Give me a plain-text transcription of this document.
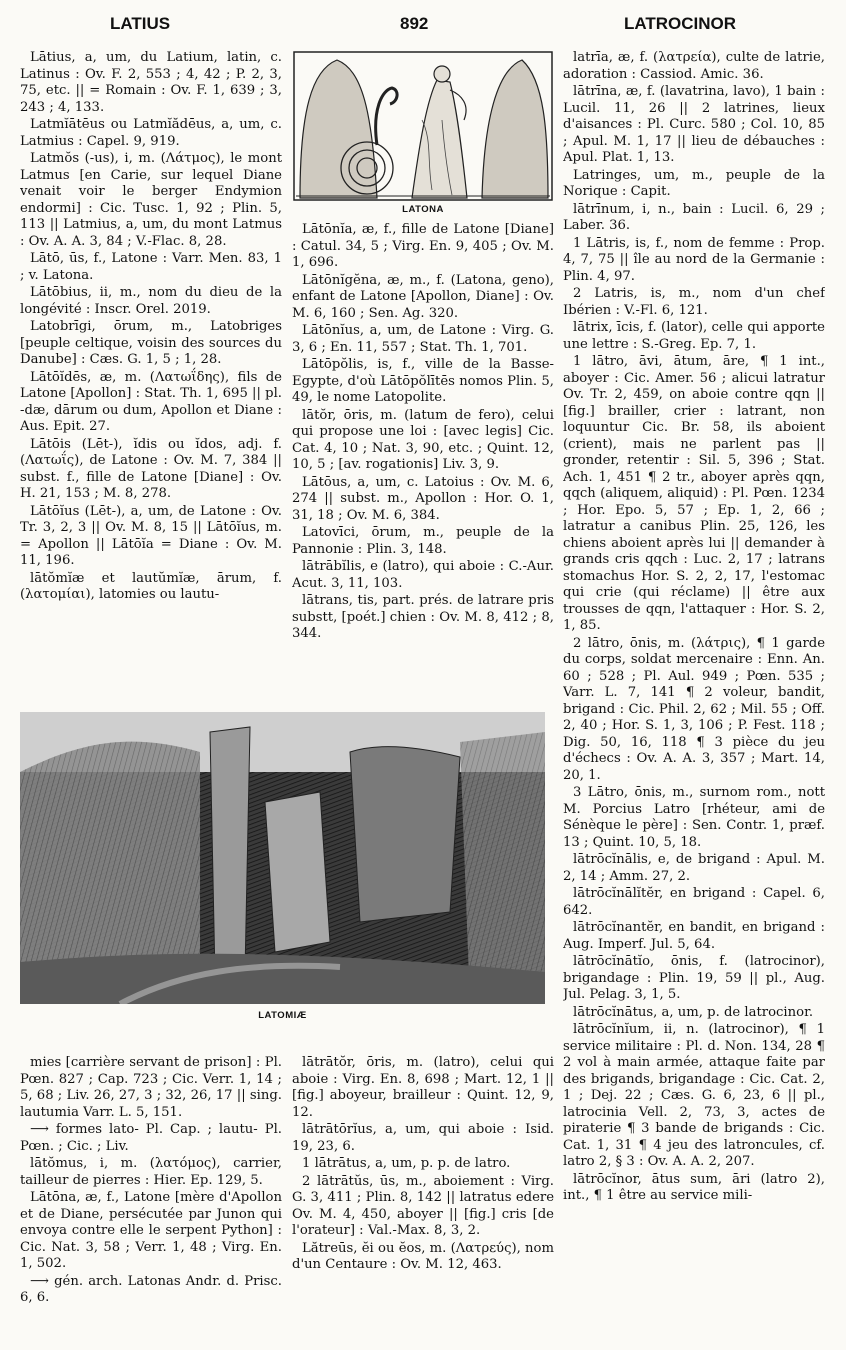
LATIUS	892	LATROCINOR

Lātius, a, um, du Latium, latin, c. Latinus : Ov. F. 2, 553 ; 4, 42 ; P. 2, 3, 75, etc. || = Romain : Ov. F. 1, 639 ; 3, 243 ; 4, 133.

Latmĭātēus ou Latmĭădēus, a, um, c. Latmius : Capel. 9, 919.

Latmŏs (-us), i, m. (Λάτμος), le mont Latmus [en Carie, sur lequel Diane venait voir le berger Endymion endormi] : Cic. Tusc. 1, 92 ; Plin. 5, 113 || Latmius, a, um, du mont Latmus : Ov. A. A. 3, 84 ; V.-Flac. 8, 28.

Lātō, ūs, f., Latone : Varr. Men. 83, 1 ; v. Latona.

Lātōbius, ii, m., nom du dieu de la longévité : Inscr. Orel. 2019.

Latobrīgi, ōrum, m., Latobriges [peuple celtique, voisin des sources du Danube] : Cæs. G. 1, 5 ; 1, 28.

Lātōĭdēs, æ, m. (Λατωΐδης), fils de Latone [Apollon] : Stat. Th. 1, 695 || pl. -dæ, dārum ou dum, Apollon et Diane : Aus. Epit. 27.

Lātōis (Lēt-), ĭdis ou ĭdos, adj. f. (Λατωΐς), de Latone : Ov. M. 7, 384 || subst. f., fille de Latone [Diane] : Ov. H. 21, 153 ; M. 8, 278.

Lātōĭus (Lēt-), a, um, de Latone : Ov. Tr. 3, 2, 3 || Ov. M. 8, 15 || Lātōĭus, m. = Apollon || Lātōĭa = Diane : Ov. M. 11, 196.

lātŏmĭæ et lautŭmĭæ, ārum, f. (λατομίαι), latomies ou lautu-

LATONA

Lātōnĭa, æ, f., fille de Latone [Diane] : Catul. 34, 5 ; Virg. En. 9, 405 ; Ov. M. 1, 696.

Lātōnĭgĕna, æ, m., f. (Latona, geno), enfant de Latone [Apollon, Diane] : Ov. M. 6, 160 ; Sen. Ag. 320.

Lātōnĭus, a, um, de Latone : Virg. G. 3, 6 ; En. 11, 557 ; Stat. Th. 1, 701.

Lātōpŏlis, is, f., ville de la Basse-Egypte, d'où Lātōpŏlītēs nomos Plin. 5, 49, le nome Latopolite.

lātŏr, ōris, m. (latum de fero), celui qui propose une loi : [avec legis] Cic. Cat. 4, 10 ; Nat. 3, 90, etc. ; Quint. 12, 10, 5 ; [av. rogationis] Liv. 3, 9.

Lātōus, a, um, c. Latoius : Ov. M. 6, 274 || subst. m., Apollon : Hor. O. 1, 31, 18 ; Ov. M. 6, 384.

Latovīci, ōrum, m., peuple de la Pannonie : Plin. 3, 148.

lātrābĭlis, e (latro), qui aboie : C.-Aur. Acut. 3, 11, 103.

lātrans, tis, part. prés. de latrare pris substt, [poét.] chien : Ov. M. 8, 412 ; 8, 344.

latrīa, æ, f. (λατρεία), culte de latrie, adoration : Cassiod. Amic. 36.

lātrīna, æ, f. (lavatrina, lavo), 1 bain : Lucil. 11, 26 || 2 latrines, lieux d'aisances : Pl. Curc. 580 ; Col. 10, 85 ; Apul. M. 1, 17 || lieu de débauches : Apul. Plat. 1, 13.

Latringes, um, m., peuple de la Norique : Capit.

lātrīnum, i, n., bain : Lucil. 6, 29 ; Laber. 36.

1 Lātris, is, f., nom de femme : Prop. 4, 7, 75 || île au nord de la Germanie : Plin. 4, 97.

2 Latris, is, m., nom d'un chef Ibérien : V.-Fl. 6, 121.

lātrix, īcis, f. (lator), celle qui apporte une lettre : S.-Greg. Ep. 7, 1.

1 lātro, āvi, ātum, āre, ¶ 1 int., aboyer : Cic. Amer. 56 ; alicui latratur Ov. Tr. 2, 459, on aboie contre qqn || [fig.] brailler, crier : latrant, non loquuntur Cic. Br. 58, ils aboient (crient), mais ne parlent pas || gronder, retentir : Sil. 5, 396 ; Stat. Ach. 1, 451 ¶ 2 tr., aboyer après qqn, qqch (aliquem, aliquid) : Pl. Pœn. 1234 ; Hor. Epo. 5, 57 ; Ep. 1, 2, 66 ; latratur a canibus Plin. 25, 126, les chiens aboient après lui || demander à grands cris qqch : Luc. 2, 17 ; latrans stomachus Hor. S. 2, 2, 17, l'estomac qui crie (qui réclame) || être aux trousses de qqn, l'attaquer : Hor. S. 2, 1, 85.

2 lātro, ōnis, m. (λάτρις), ¶ 1 garde du corps, soldat mercenaire : Enn. An. 60 ; 528 ; Pl. Aul. 949 ; Pœn. 535 ; Varr. L. 7, 141 ¶ 2 voleur, bandit, brigand : Cic. Phil. 2, 62 ; Mil. 55 ; Off. 2, 40 ; Hor. S. 1, 3, 106 ; P. Fest. 118 ; Dig. 50, 16, 118 ¶ 3 pièce du jeu d'échecs : Ov. A. A. 3, 357 ; Mart. 14, 20, 1.

3 Lātro, ōnis, m., surnom rom., nott M. Porcius Latro [rhéteur, ami de Sénèque le père] : Sen. Contr. 1, præf. 13 ; Quint. 10, 5, 18.

lātrōcĭnālis, e, de brigand : Apul. M. 2, 14 ; Amm. 27, 2.

lātrōcĭnālĭtĕr, en brigand : Capel. 6, 642.

lātrōcĭnantĕr, en bandit, en brigand : Aug. Imperf. Jul. 5, 64.

lātrōcĭnātĭo, ōnis, f. (latrocinor), brigandage : Plin. 19, 59 || pl., Aug. Jul. Pelag. 3, 1, 5.

lātrōcĭnātus, a, um, p. de latrocinor.

lātrōcĭnĭum, ii, n. (latrocinor), ¶ 1 service militaire : Pl. d. Non. 134, 28 ¶ 2 vol à main armée, attaque faite par des brigands, brigandage : Cic. Cat. 2, 1 ; Dej. 22 ; Cæs. G. 6, 23, 6 || pl., latrocinia Vell. 2, 73, 3, actes de piraterie ¶ 3 bande de brigands : Cic. Cat. 1, 31 ¶ 4 jeu des latroncules, cf. latro 2, § 3 : Ov. A. A. 2, 207.

lātrōcĭnor, ātus sum, āri (latro 2), int., ¶ 1 être au service mili-

LATOMIÆ

mies [carrière servant de prison] : Pl. Pœn. 827 ; Cap. 723 ; Cic. Verr. 1, 14 ; 5, 68 ; Liv. 26, 27, 3 ; 32, 26, 17 || sing. lautumia Varr. L. 5, 151.

⟶ formes lato- Pl. Cap. ; lautu- Pl. Pœn. ; Cic. ; Liv.

lātŏmus, i, m. (λατόμος), carrier, tailleur de pierres : Hier. Ep. 129, 5.

Lātōna, æ, f., Latone [mère d'Apollon et de Diane, persécutée par Junon qui envoya contre elle le serpent Python] : Cic. Nat. 3, 58 ; Verr. 1, 48 ; Virg. En. 1, 502.

⟶ gén. arch. Latonas Andr. d. Prisc. 6, 6.

lātrātŏr, ōris, m. (latro), celui qui aboie : Virg. En. 8, 698 ; Mart. 12, 1 || [fig.] aboyeur, brailleur : Quint. 12, 9, 12.

lātrātōrĭus, a, um, qui aboie : Isid. 19, 23, 6.

1 lātrātus, a, um, p. p. de latro.

2 lātrātŭs, ūs, m., aboiement : Virg. G. 3, 411 ; Plin. 8, 142 || latratus edere Ov. M. 4, 450, aboyer || [fig.] cris [de l'orateur] : Val.-Max. 8, 3, 2.

Lătreūs, ĕi ou ĕos, m. (Λατρεύς), nom d'un Centaure : Ov. M. 12, 463.
